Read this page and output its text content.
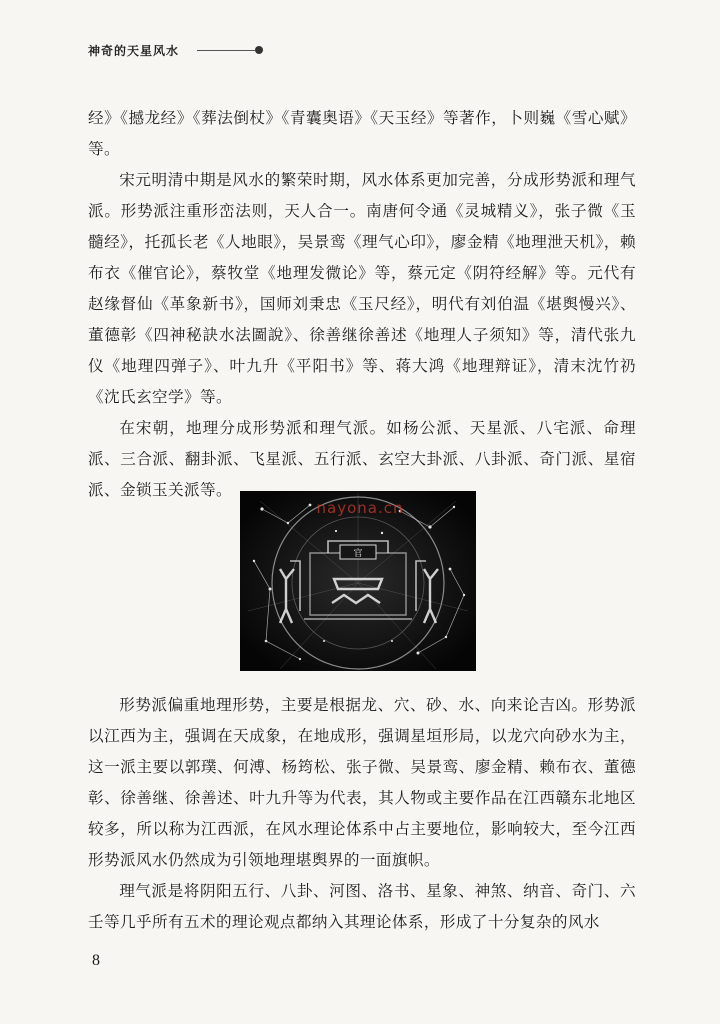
神奇的天星风水

经》《撼龙经》《葬法倒杖》《青囊奥语》《天玉经》等著作，卜则巍《雪心赋》等。

宋元明清中期是风水的繁荣时期，风水体系更加完善，分成形势派和理气派。形势派注重形峦法则，天人合一。南唐何令通《灵城精义》，张子微《玉髓经》，托孤长老《人地眼》，吴景鸾《理气心印》，廖金精《地理泄天机》，赖布衣《催官论》，蔡牧堂《地理发微论》等，蔡元定《阴符经解》等。元代有赵缘督仙《革象新书》，国师刘秉忠《玉尺经》，明代有刘伯温《堪舆慢兴》、董德彰《四神秘訣水法圖說》、徐善继徐善述《地理人子须知》等，清代张九仪《地理四弹子》、叶九升《平阳书》等、蒋大鸿《地理辩证》，清末沈竹礽《沈氏玄空学》等。

在宋朝，地理分成形势派和理气派。如杨公派、天星派、八宅派、命理派、三合派、翻卦派、飞星派、五行派、玄空大卦派、八卦派、奇门派、星宿派、金锁玉关派等。

官
nayona.cn

形势派偏重地理形势，主要是根据龙、穴、砂、水、向来论吉凶。形势派以江西为主，强调在天成象，在地成形，强调星垣形局，以龙穴向砂水为主，这一派主要以郭璞、何溥、杨筠松、张子微、吴景鸾、廖金精、赖布衣、董德彰、徐善继、徐善述、叶九升等为代表，其人物或主要作品在江西赣东北地区较多，所以称为江西派，在风水理论体系中占主要地位，影响较大，至今江西形势派风水仍然成为引领地理堪舆界的一面旗帜。

理气派是将阴阳五行、八卦、河图、洛书、星象、神煞、纳音、奇门、六壬等几乎所有五术的理论观点都纳入其理论体系，形成了十分复杂的风水

8
